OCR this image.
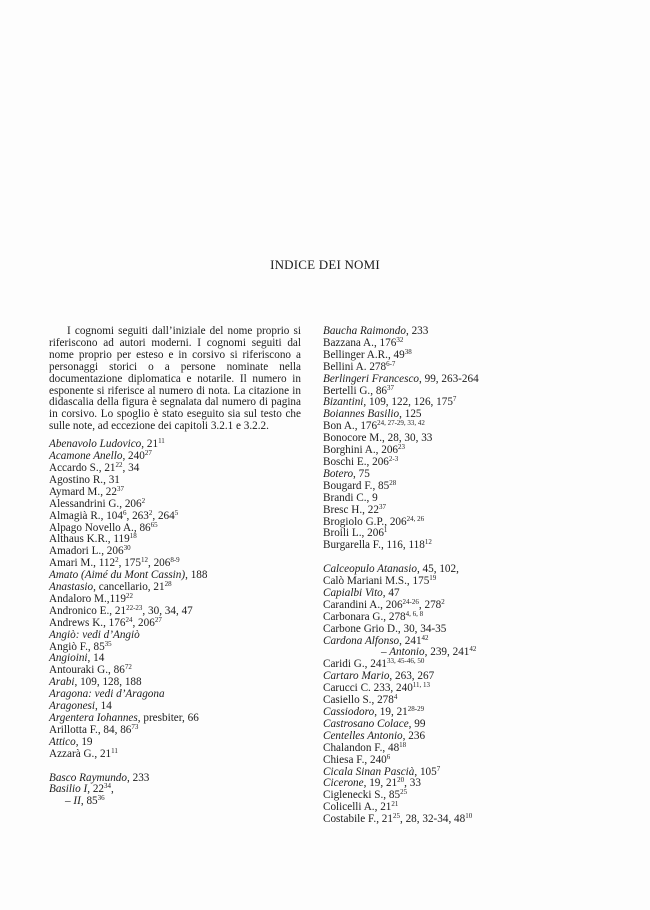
INDICE DEI NOMI

I cognomi seguiti dall’iniziale del nome proprio si riferiscono ad autori moderni. I cognomi seguiti dal nome proprio per esteso e in corsivo si riferiscono a personaggi storici o a persone nominate nella documentazione diplomatica e notarile. Il numero in esponente si riferisce al numero di nota. La citazione in didascalia della figura è segnalata dal numero di pagina in corsivo. Lo spoglio è stato eseguito sia sul testo che sulle note, ad eccezione dei capitoli 3.2.1 e 3.2.2.

Abenavolo Ludovico, $21^{11}$
Acamone Anello, $240^{27}$
Accardo S., $21^{22}$, 34
Agostino R., 31
Aymard M., $22^{37}$
Alessandrini G., $206^2$
Almagià R., $104^6$, $263^2$, $264^5$
Alpago Novello A., $86^{65}$
Althaus K.R., $119^{18}$
Amadori L., $206^{30}$
Amari M., $112^2$, $175^{12}$, 206$^{8-9}$
Amato (Aimé du Mont Cassin), 188
Anastasio, cancellario, $21^{28}$
Andaloro M.,119$^{22}$
Andronico E., 21$^{22-23}$, 30, 34, 47
Andrews K., $176^{24}$, $206^{27}$
Angiò: vedi d’Angiò
Angiò F., $85^{35}$
Angioini, 14
Antouraki G., $86^{72}$
Arabi, 109, 128, 188
Aragona: vedi d’Aragona
Aragonesi, 14
Argentera Iohannes, presbiter, 66
Arillotta F., 84, $86^{73}$
Attico, 19
Azzarà G., $21^{11}$
Basco Raymundo, 233
Basilio I, $22^{34}$,
– II, $85^{36}$
Baucha Raimondo, 233
Bazzana A., $176^{32}$
Bellinger A.R., $49^{38}$
Bellini A. 278$^{6-7}$
Berlingeri Francesco, 99, 263-264
Bertelli G., $86^{37}$
Bizantini, 109, 122, 126, $175^7$
Boiannes Basilio, 125
Bon A., 176$^{24, 27-29, 33, 42}$
Bonocore M., 28, 30, 33
Borghini A., $206^{23}$
Boschi E., 206$^{2-3}$
Botero, 75
Bougard F., $85^{28}$
Brandi C., 9
Bresc H., $22^{37}$
Brogiolo G.P., 206$^{24, 26}$
Broili L., $206^1$
Burgarella F., 116, $118^{12}$
Calceopulo Atanasio, 45, 102,
Calò Mariani M.S., $175^{19}$
Capialbi Vito, 47
Carandini A., 206$^{24-26}$, $278^2$
Carbonara G., 278$^{4, 6, 8}$
Carbone Grio D., 30, 34-35
Cardona Alfonso, $241^{42}$
– Antonio, 239, $241^{42}$
Caridi G., 241$^{33, 45-46, 50}$
Cartaro Mario, 263, 267
Carucci C. 233, 240$^{11, 13}$
Casiello S., $278^4$
Cassiodoro, 19, 21$^{28-29}$
Castrosano Colace, 99
Centelles Antonio, 236
Chalandon F., $48^{18}$
Chiesa F., $240^6$
Cicala Sinan Pascià, $105^7$
Cicerone, 19, $21^{20}$, 33
Ciglenecki S., $85^{25}$
Colicelli A., $21^{21}$
Costabile F., $21^{25}$, 28, 32-34, $48^{10}$
